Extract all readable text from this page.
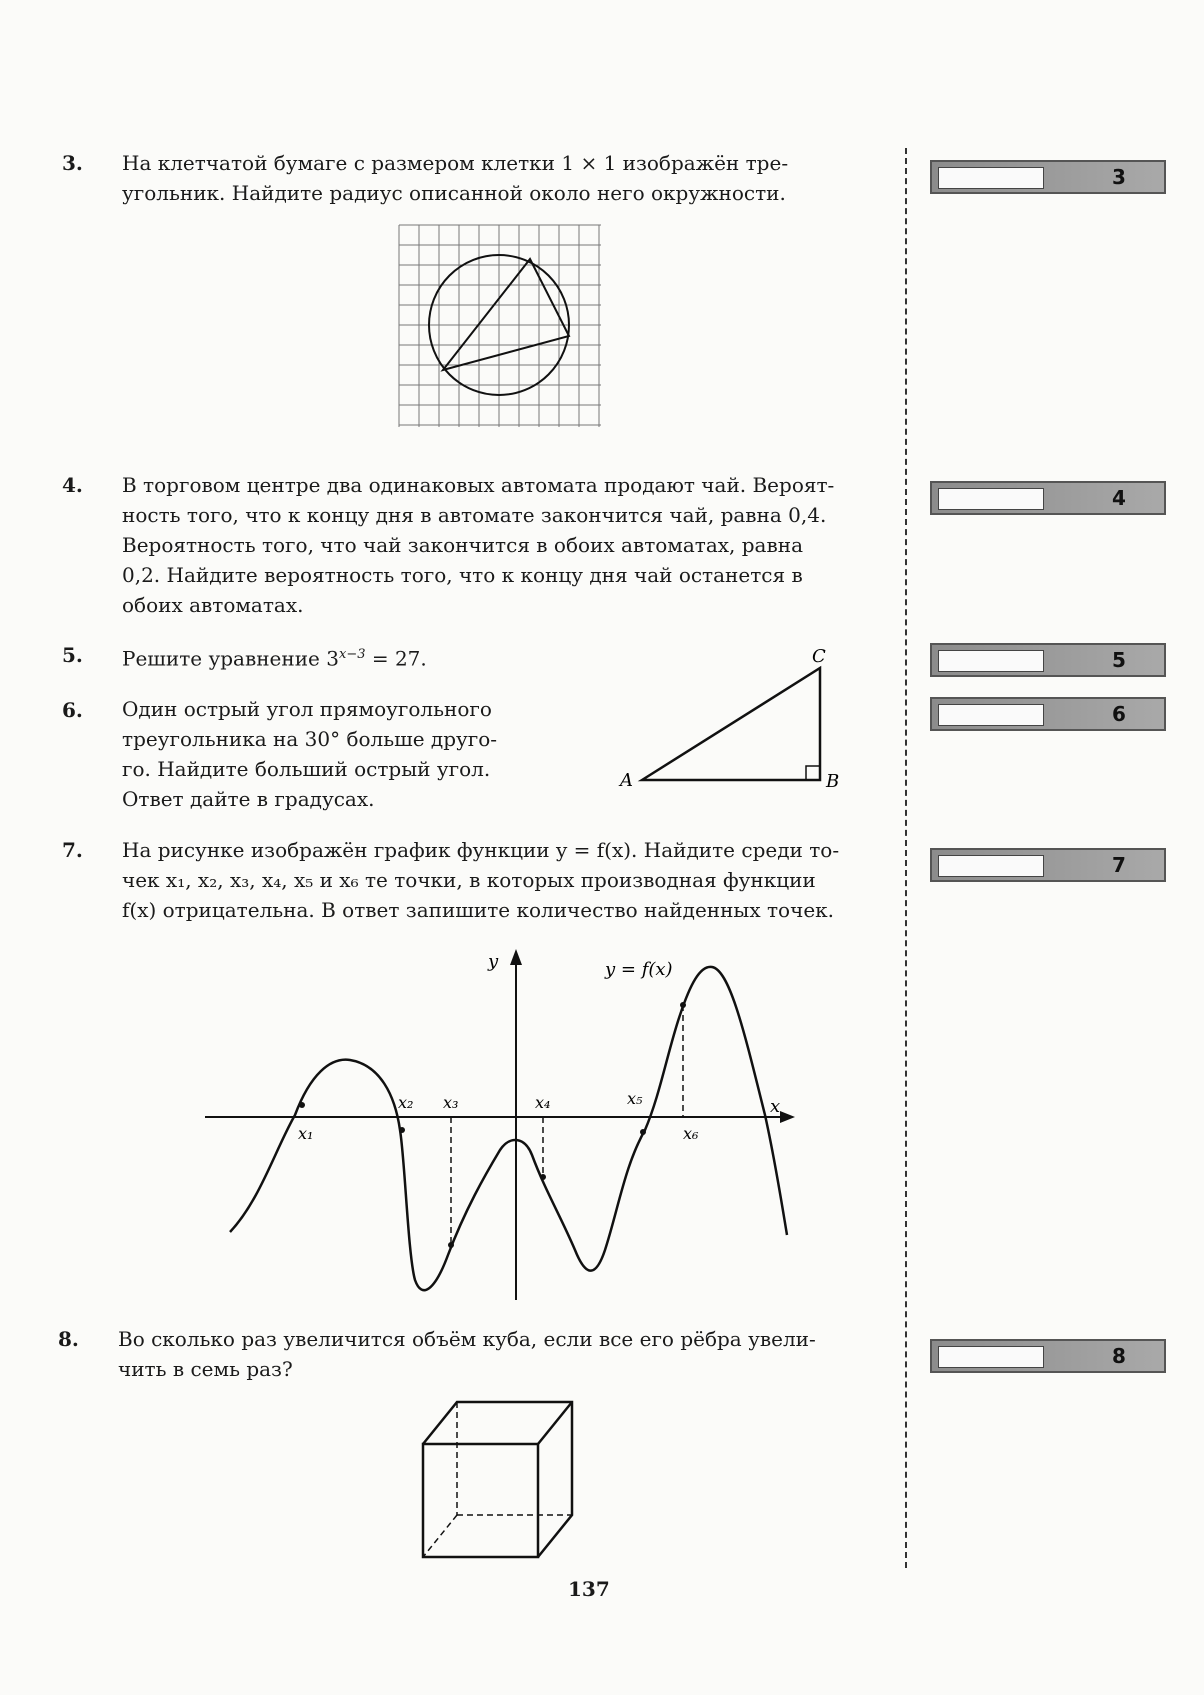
3. На клетчатой бумаге с размером клетки 1 × 1 изображён тре-
угольник. Найдите радиус описанной около него окружности.
4. В торговом центре два одинаковых автомата продают чай. Вероят-
ность того, что к концу дня в автомате закончится чай, равна 0,4.
Вероятность того, что чай закончится в обоих автоматах, равна
0,2. Найдите вероятность того, что к концу дня чай останется в
обоих автоматах.
5. Решите уравнение $3^{x-3} = 27$.
6. Один острый угол прямоугольного
треугольника на 30° больше друго-
го. Найдите больший острый угол.
Ответ дайте в градусах.
A	B
C
7. На рисунке изображён график функции y = f(x). Найдите среди то-
чек x₁, x₂, x₃, x₄, x₅ и x₆ те точки, в которых производная функции
f(x) отрицательна. В ответ запишите количество найденных точек.
y
x
y = f(x)
x₁
x₂ x₃	x₄	x₅
x₆
8. Во сколько раз увеличится объём куба, если все его рёбра увели-
чить в семь раз?
3
4
5
6
7
8
137
